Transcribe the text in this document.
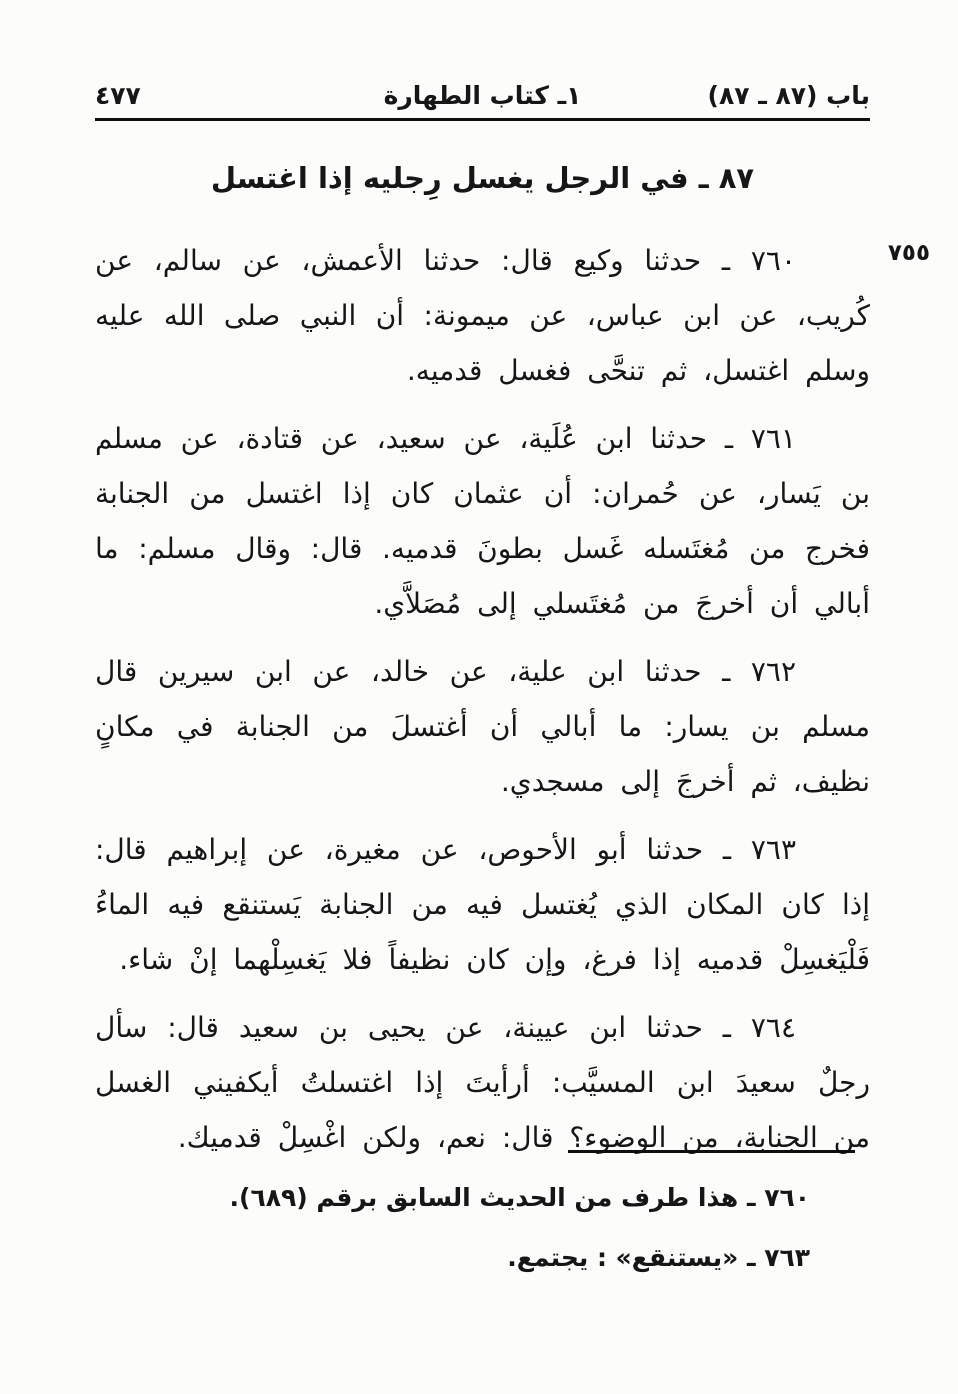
باب (٨٧ ـ ٨٧)
١ـ كتاب الطهارة
٤٧٧
٨٧ ـ في الرجل يغسل رِجليه إذا اغتسل

٧٦٠ ـ حدثنا وكيع قال: حدثنا الأعمش، عن سالم، عن كُريب، عن ابن عباس، عن ميمونة: أن النبي صلى الله عليه وسلم اغتسل، ثم تنحَّى فغسل قدميه.

٧٦١ ـ حدثنا ابن عُلَية، عن سعيد، عن قتادة، عن مسلم بن يَسار، عن حُمران: أن عثمان كان إذا اغتسل من الجنابة فخرج من مُغتَسله غَسل بطونَ قدميه. قال: وقال مسلم: ما أبالي أن أخرجَ من مُغتَسلي إلى مُصَلاَّي.

٧٦٢ ـ حدثنا ابن علية، عن خالد، عن ابن سيرين قال مسلم بن يسار: ما أبالي أن أغتسلَ من الجنابة في مكانٍ نظيف، ثم أخرجَ إلى مسجدي.

٧٦٣ ـ حدثنا أبو الأحوص، عن مغيرة، عن إبراهيم قال: إذا كان المكان الذي يُغتسل فيه من الجنابة يَستنقع فيه الماءُ فَلْيَغسِلْ قدميه إذا فرغ، وإن كان نظيفاً فلا يَغسِلْهما إنْ شاء.

٧٦٤ ـ حدثنا ابن عيينة، عن يحيى بن سعيد قال: سأل رجلٌ سعيدَ ابن المسيَّب: أرأيتَ إذا اغتسلتُ أيكفيني الغسل من الجنابة، من الوضوء؟ قال: نعم، ولكن اغْسِلْ قدميك.

٧٥٥

٧٦٠ ـ هذا طرف من الحديث السابق برقم (٦٨٩).

٧٦٣ ـ «يستنقع» : يجتمع.
